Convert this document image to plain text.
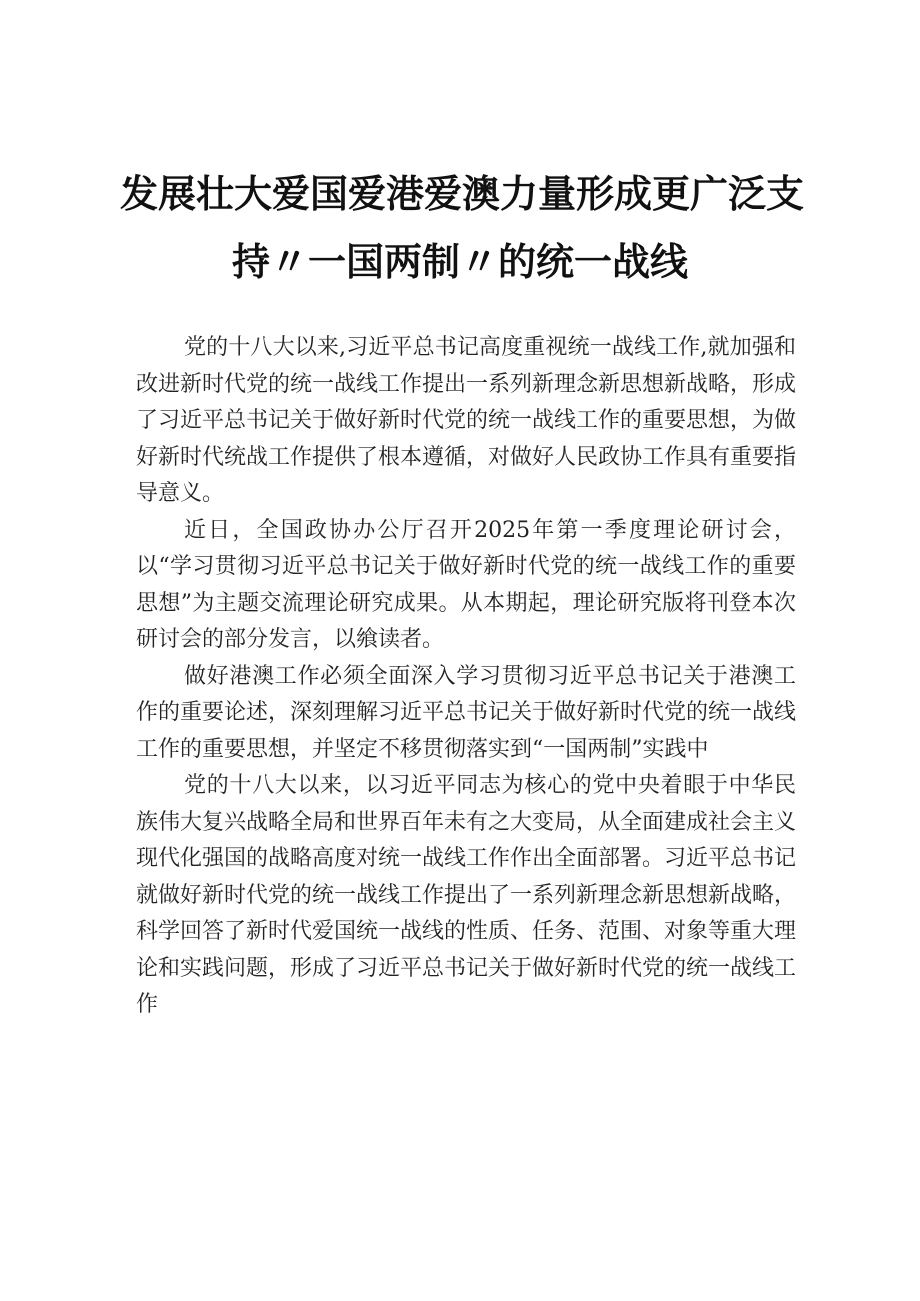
发展壮大爱国爱港爱澳力量形成更广泛支
持〃一国两制〃的统一战线

党的十八大以来,习近平总书记高度重视统一战线工作,就加强和改进新时代党的统一战线工作提出一系列新理念新思想新战略，形成了习近平总书记关于做好新时代党的统一战线工作的重要思想，为做好新时代统战工作提供了根本遵循，对做好人民政协工作具有重要指导意义。

近日，全国政协办公厅召开2025年第一季度理论研讨会，以“学习贯彻习近平总书记关于做好新时代党的统一战线工作的重要思想”为主题交流理论研究成果。从本期起，理论研究版将刊登本次研讨会的部分发言，以飨读者。

做好港澳工作必须全面深入学习贯彻习近平总书记关于港澳工作的重要论述，深刻理解习近平总书记关于做好新时代党的统一战线工作的重要思想，并坚定不移贯彻落实到“一国两制”实践中

党的十八大以来，以习近平同志为核心的党中央着眼于中华民族伟大复兴战略全局和世界百年未有之大变局，从全面建成社会主义现代化强国的战略高度对统一战线工作作出全面部署。习近平总书记就做好新时代党的统一战线工作提出了一系列新理念新思想新战略，科学回答了新时代爱国统一战线的性质、任务、范围、对象等重大理论和实践问题，形成了习近平总书记关于做好新时代党的统一战线工作
